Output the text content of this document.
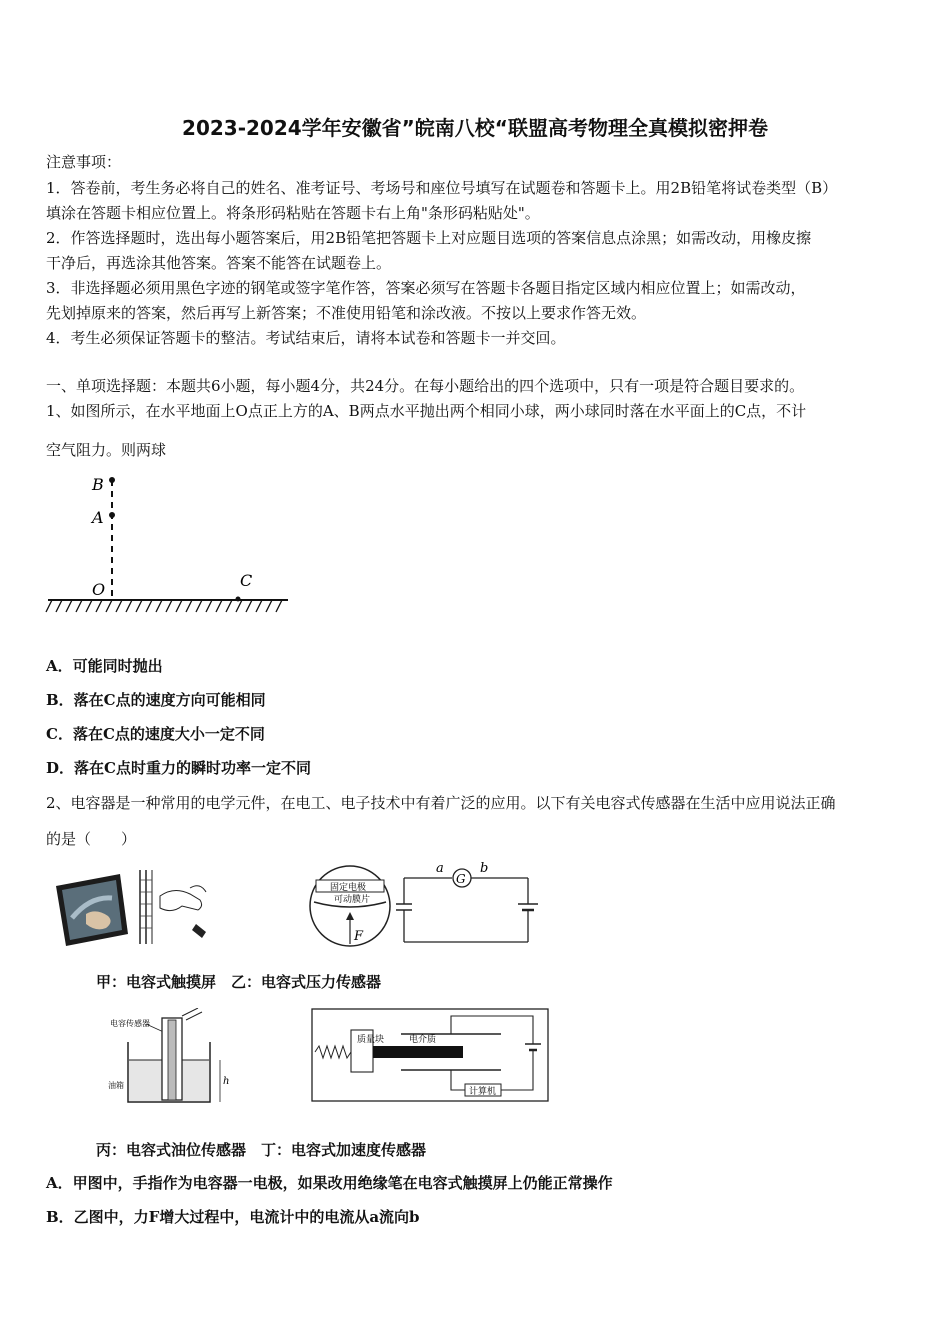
2023-2024学年安徽省”皖南八校“联盟高考物理全真模拟密押卷
注意事项：
1．答卷前，考生务必将自己的姓名、准考证号、考场号和座位号填写在试题卷和答题卡上。用2B铅笔将试卷类型（B）
填涂在答题卡相应位置上。将条形码粘贴在答题卡右上角"条形码粘贴处"。
2．作答选择题时，选出每小题答案后，用2B铅笔把答题卡上对应题目选项的答案信息点涂黑；如需改动，用橡皮擦
干净后，再选涂其他答案。答案不能答在试题卷上。
3．非选择题必须用黑色字迹的钢笔或签字笔作答，答案必须写在答题卡各题目指定区域内相应位置上；如需改动，
先划掉原来的答案，然后再写上新答案；不准使用铅笔和涂改液。不按以上要求作答无效。
4．考生必须保证答题卡的整洁。考试结束后，请将本试卷和答题卡一并交回。
一、单项选择题：本题共6小题，每小题4分，共24分。在每小题给出的四个选项中，只有一项是符合题目要求的。
1、如图所示，在水平地面上O点正上方的A、B两点水平抛出两个相同小球，两小球同时落在水平面上的C点，不计
空气阻力。则两球
B
A
O	C
A．可能同时抛出
B．落在C点的速度方向可能相同
C．落在C点的速度大小一定不同
D．落在C点时重力的瞬时功率一定不同
2、电容器是一种常用的电学元件，在电工、电子技术中有着广泛的应用。以下有关电容式传感器在生活中应用说法正确
的是（　　）
固定电极
可动膜片
F
G
a	b
甲：电容式触摸屏　乙：电容式压力传感器
电容传感器
油箱	h
质量块	电介质
计算机
丙：电容式油位传感器　丁：电容式加速度传感器
A．甲图中，手指作为电容器一电极，如果改用绝缘笔在电容式触摸屏上仍能正常操作
B．乙图中，力F增大过程中，电流计中的电流从a流向b
